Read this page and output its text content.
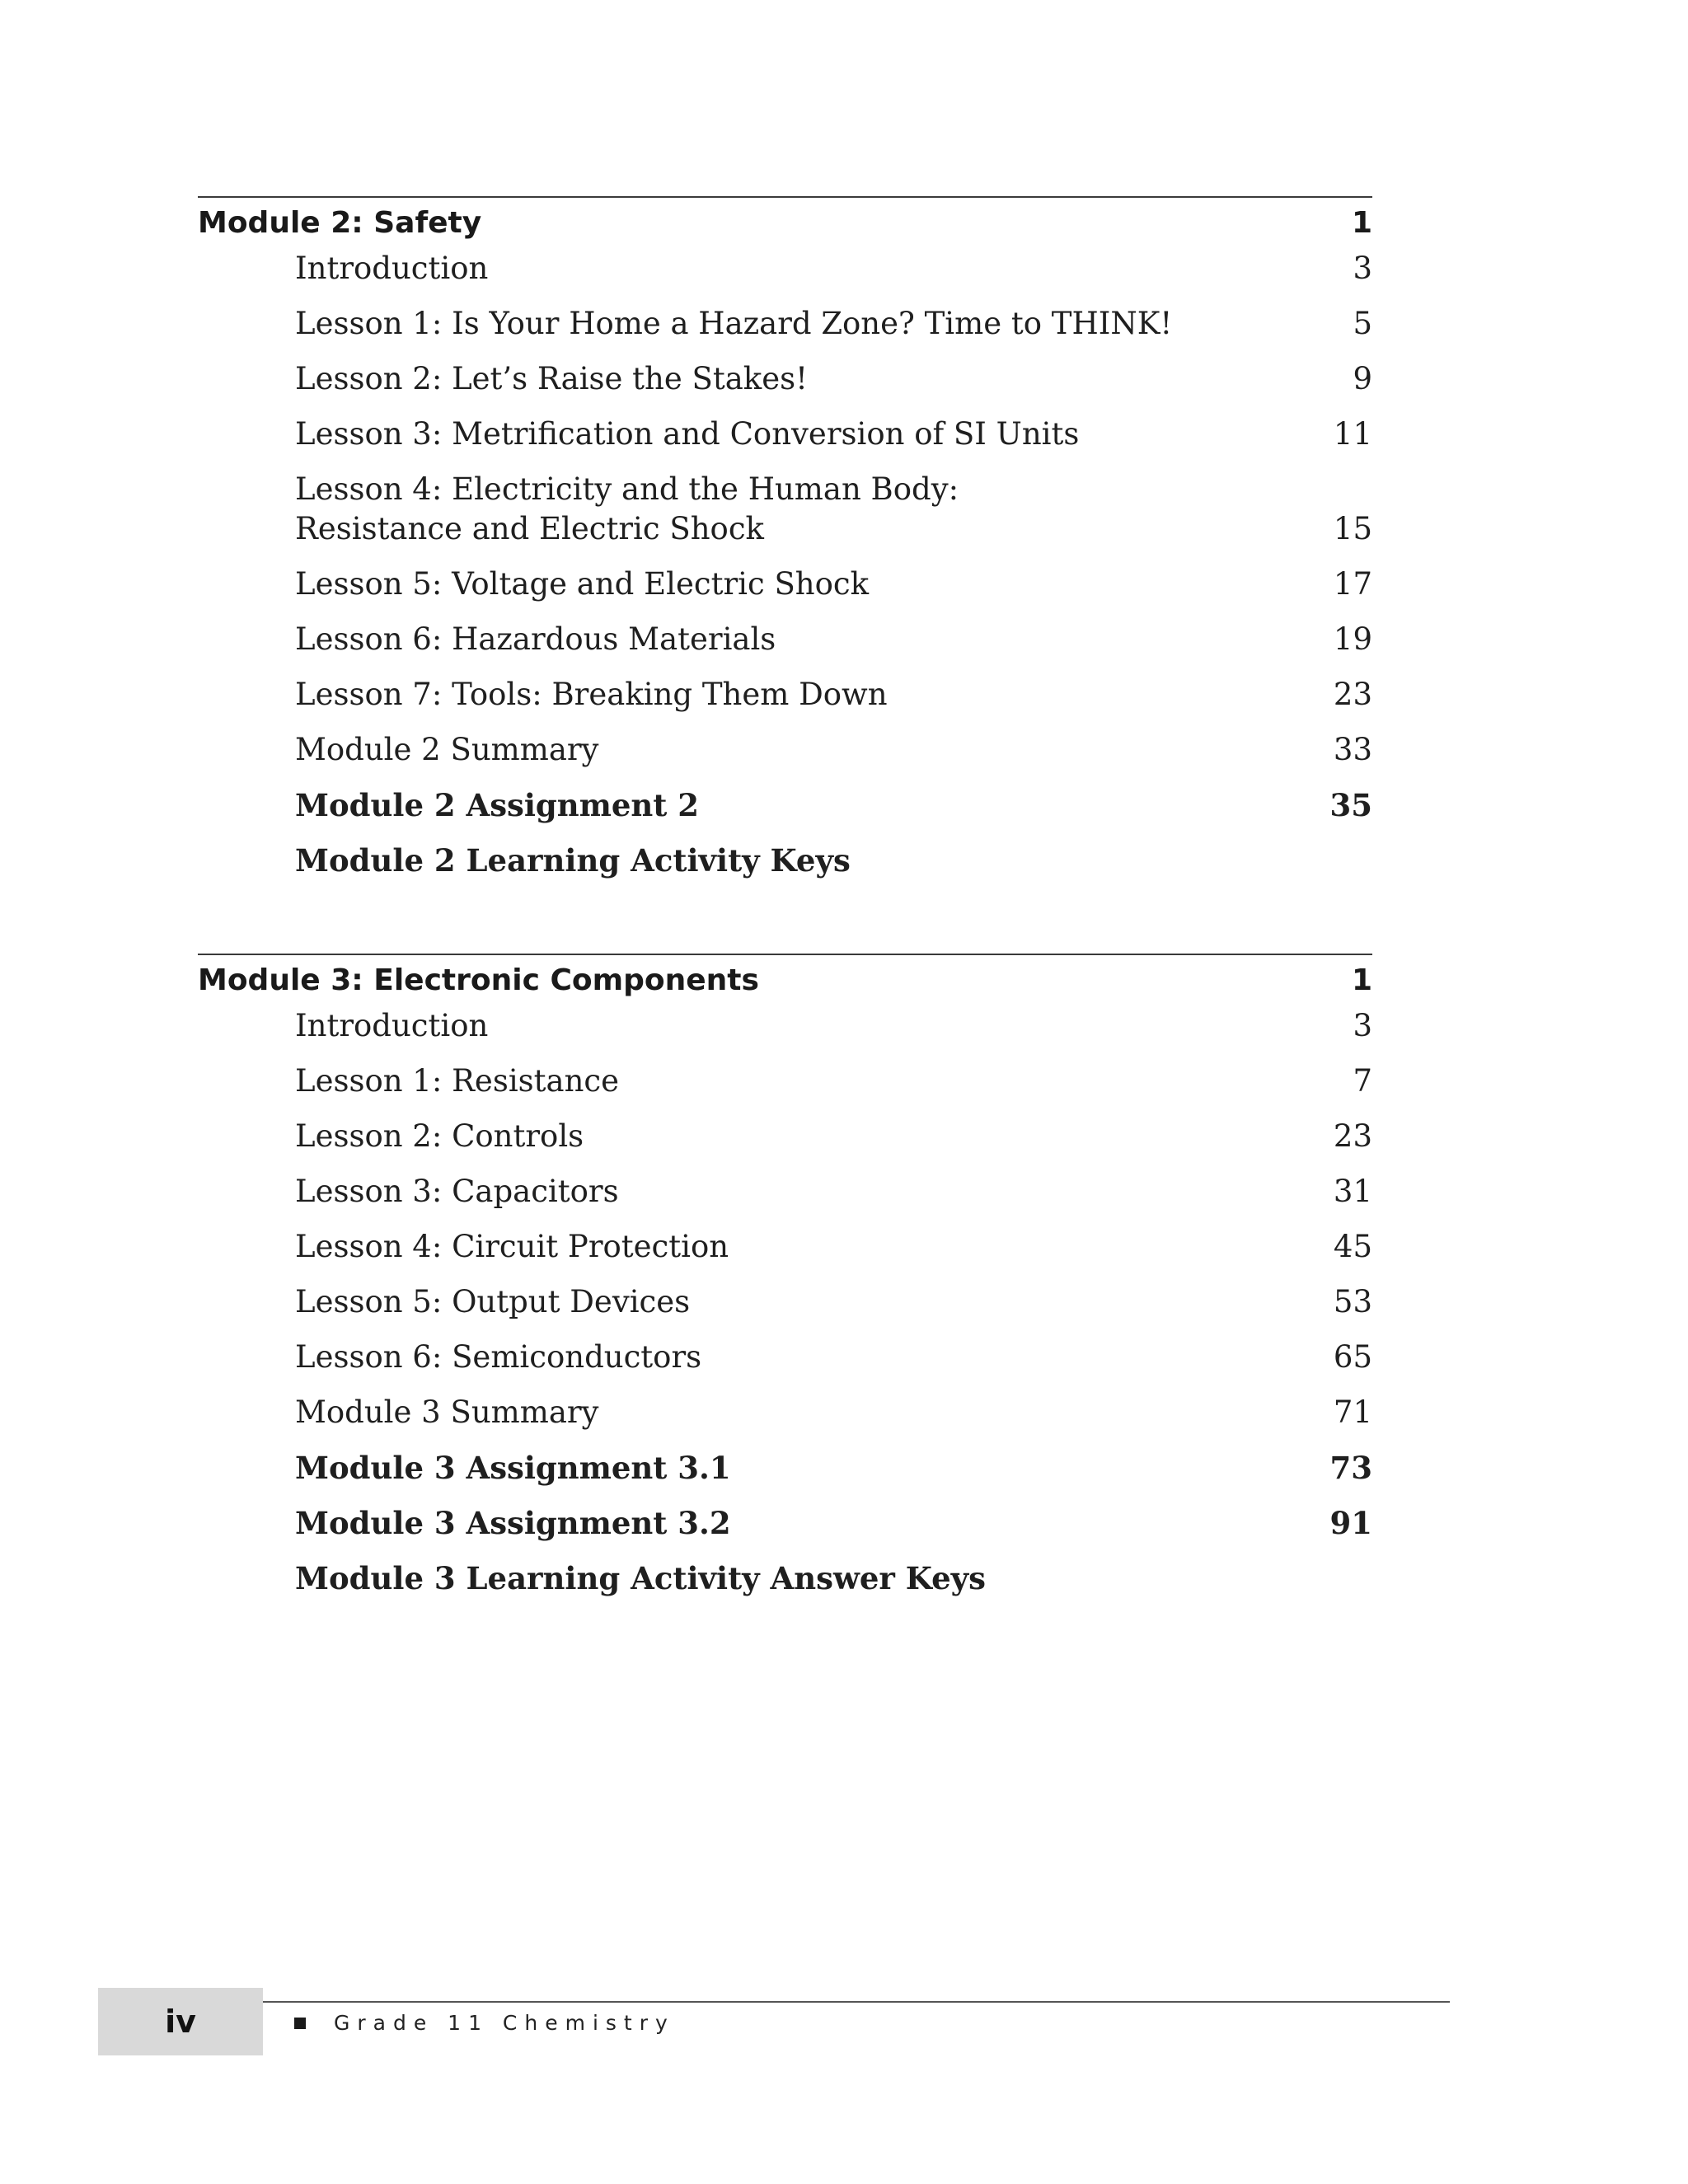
Module 2: Safety	1
Introduction	3
Lesson 1: Is Your Home a Hazard Zone? Time to THINK!	5
Lesson 2: Let’s Raise the Stakes!	9
Lesson 3: Metrification and Conversion of SI Units	11
Lesson 4: Electricity and the Human Body:
Resistance and Electric Shock	15
Lesson 5: Voltage and Electric Shock	17
Lesson 6: Hazardous Materials	19
Lesson 7: Tools: Breaking Them Down	23
Module 2 Summary	33
Module 2 Assignment 2	35
Module 2 Learning Activity Keys
Module 3: Electronic Components	1
Introduction	3
Lesson 1: Resistance	7
Lesson 2: Controls	23
Lesson 3: Capacitors	31
Lesson 4: Circuit Protection	45
Lesson 5: Output Devices	53
Lesson 6: Semiconductors	65
Module 3 Summary	71
Module 3 Assignment 3.1	73
Module 3 Assignment 3.2	91
Module 3 Learning Activity Answer Keys
iv	Grade 11 Chemistry
